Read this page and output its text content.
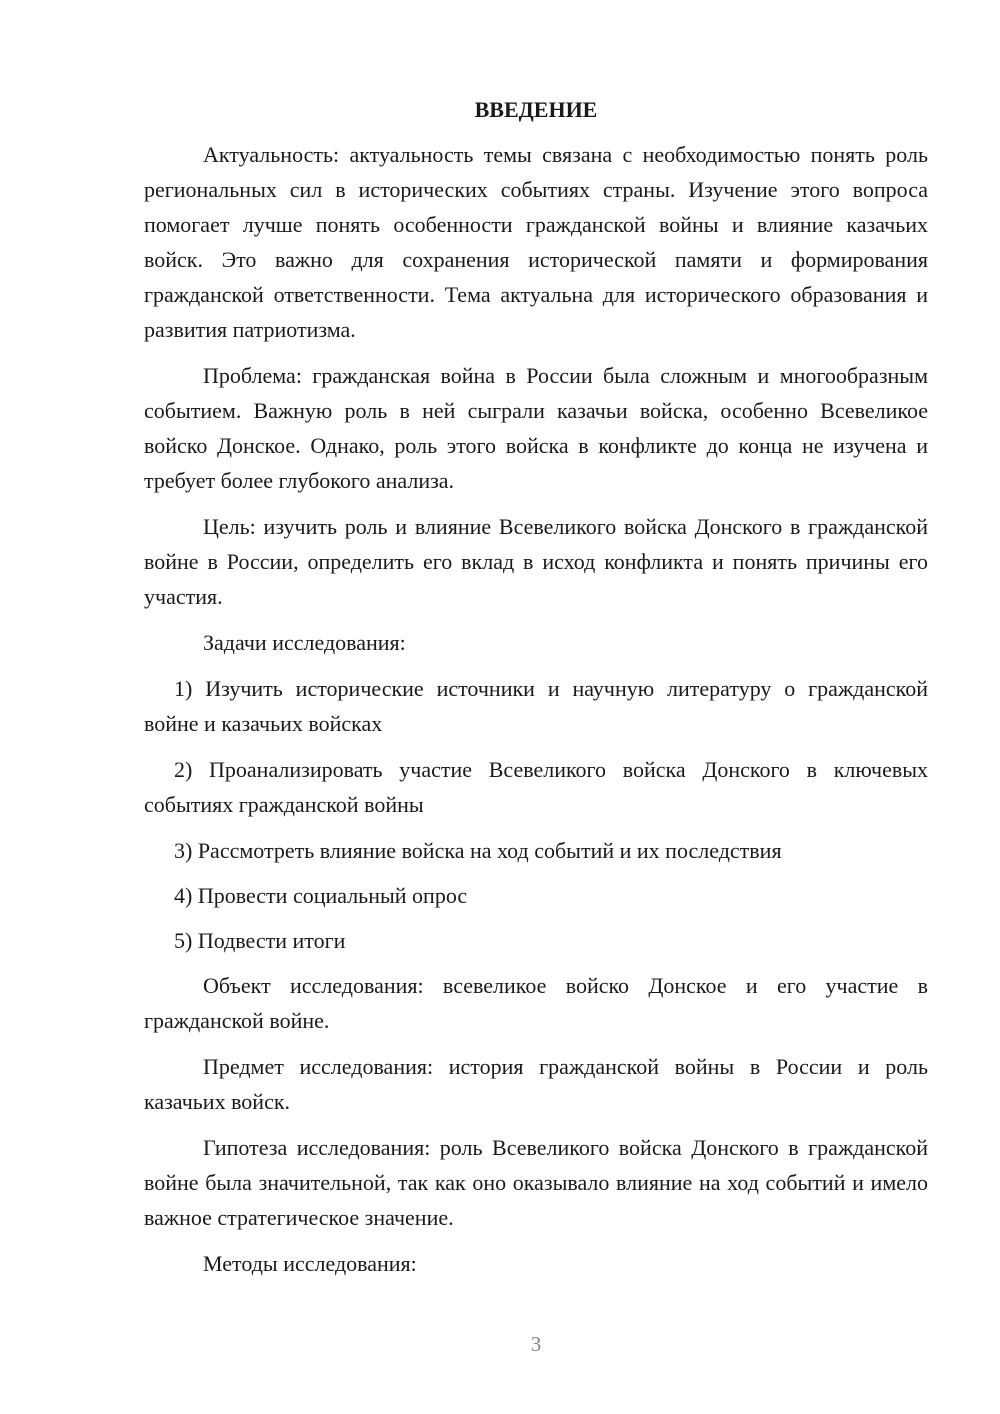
ВВЕДЕНИЕ

Актуальность: актуальность темы связана с необходимостью понять роль региональных сил в исторических событиях страны. Изучение этого вопроса помогает лучше понять особенности гражданской войны и влияние казачьих войск. Это важно для сохранения исторической памяти и формирования гражданской ответственности. Тема актуальна для исторического образования и развития патриотизма.

Проблема: гражданская война в России была сложным и многообразным событием. Важную роль в ней сыграли казачьи войска, особенно Всевеликое войско Донское. Однако, роль этого войска в конфликте до конца не изучена и требует более глубокого анализа.

Цель: изучить роль и влияние Всевеликого войска Донского в гражданской войне в России, определить его вклад в исход конфликта и понять причины его участия.

Задачи исследования:

1) Изучить исторические источники и научную литературу о гражданской войне и казачьих войсках

2) Проанализировать участие Всевеликого войска Донского в ключевых событиях гражданской войны

3) Рассмотреть влияние войска на ход событий и их последствия

4) Провести социальный опрос

5) Подвести итоги

Объект исследования: всевеликое войско Донское и его участие в гражданской войне.

Предмет исследования: история гражданской войны в России и роль казачьих войск.

Гипотеза исследования: роль Всевеликого войска Донского в гражданской войне была значительной, так как оно оказывало влияние на ход событий и имело важное стратегическое значение.

Методы исследования:

3
